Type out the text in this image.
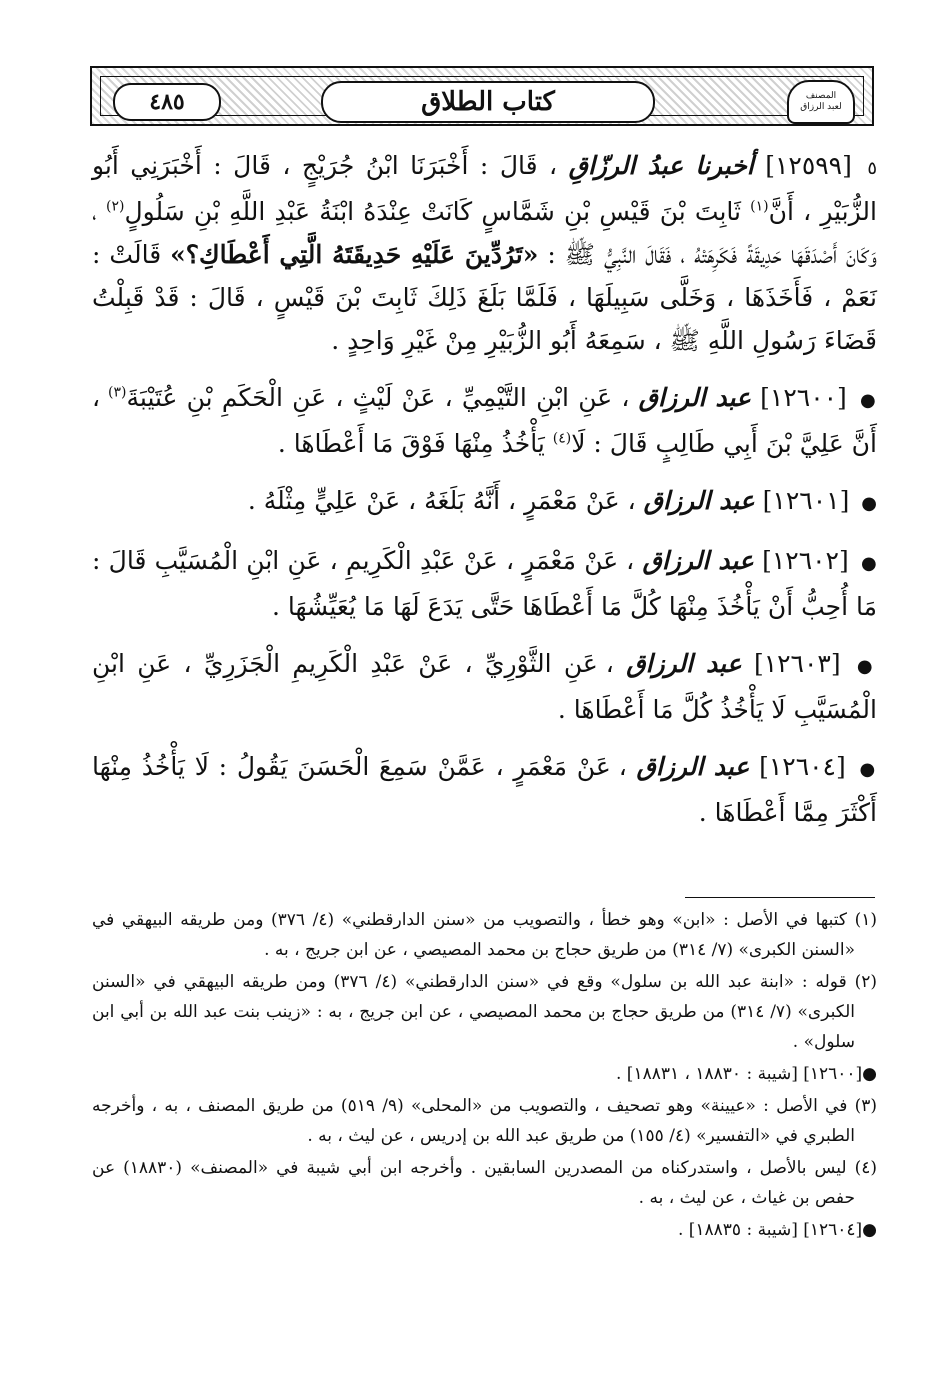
٤٨٥	كتاب الطلاق	المصنف
لعبد الرزاق

٥ [١٢٥٩٩] أخبرنا عبدُ الرزّاقِ ، قَالَ : أَخْبَرَنَا ابْنُ جُرَيْجٍ ، قَالَ : أَخْبَرَنِي أَبُو الزُّبَيْرِ ، أَنَّ$^{(١)}$ ثَابِتَ بْنَ قَيْسِ بْنِ شَمَّاسٍ كَانَتْ عِنْدَهُ ابْنَةُ عَبْدِ اللَّهِ بْنِ سَلُولٍ$^{(٢)}$ ، وَكَانَ أَصْدَقَهَا حَدِيقَةً فَكَرِهَتْهُ ، فَقَالَ النَّبِيُّ ﷺ : «تَرُدِّينَ عَلَيْهِ حَدِيقَتَهُ الَّتِي أَعْطَاكِ؟» قَالَتْ : نَعَمْ ، فَأَخَذَهَا ، وَخَلَّى سَبِيلَهَا ، فَلَمَّا بَلَغَ ذَلِكَ ثَابِتَ بْنَ قَيْسٍ ، قَالَ : قَدْ قَبِلْتُ قَضَاءَ رَسُولِ اللَّهِ ﷺ ، سَمِعَهُ أَبُو الزُّبَيْرِ مِنْ غَيْرِ وَاحِدٍ .

● [١٢٦٠٠] عبد الرزاق ، عَنِ ابْنِ التَّيْمِيِّ ، عَنْ لَيْثٍ ، عَنِ الْحَكَمِ بْنِ عُتَيْبَةَ$^{(٣)}$ ، أَنَّ عَلِيَّ بْنَ أَبِي طَالِبٍ قَالَ : لَا$^{(٤)}$ يَأْخُذُ مِنْهَا فَوْقَ مَا أَعْطَاهَا .

● [١٢٦٠١] عبد الرزاق ، عَنْ مَعْمَرٍ ، أَنَّهُ بَلَغَهُ ، عَنْ عَلِيٍّ مِثْلَهُ .

● [١٢٦٠٢] عبد الرزاق ، عَنْ مَعْمَرٍ ، عَنْ عَبْدِ الْكَرِيمِ ، عَنِ ابْنِ الْمُسَيَّبِ قَالَ : مَا أُحِبُّ أَنْ يَأْخُذَ مِنْهَا كُلَّ مَا أَعْطَاهَا حَتَّى يَدَعَ لَهَا مَا يُعَيِّشُهَا .

● [١٢٦٠٣] عبد الرزاق ، عَنِ الثَّوْرِيِّ ، عَنْ عَبْدِ الْكَرِيمِ الْجَزَرِيِّ ، عَنِ ابْنِ الْمُسَيَّبِ لَا يَأْخُذُ كُلَّ مَا أَعْطَاهَا .

● [١٢٦٠٤] عبد الرزاق ، عَنْ مَعْمَرٍ ، عَمَّنْ سَمِعَ الْحَسَنَ يَقُولُ : لَا يَأْخُذُ مِنْهَا أَكْثَرَ مِمَّا أَعْطَاهَا .

(١) كتبها في الأصل : «ابن» وهو خطأ ، والتصويب من «سنن الدارقطني» (٤/ ٣٧٦) ومن طريقه البيهقي في «السنن الكبرى» (٧/ ٣١٤) من طريق حجاج بن محمد المصيصي ، عن ابن جريج ، به .

(٢) قوله : «ابنة عبد الله بن سلول» وقع في «سنن الدارقطني» (٤/ ٣٧٦) ومن طريقه البيهقي في «السنن الكبرى» (٧/ ٣١٤) من طريق حجاج بن محمد المصيصي ، عن ابن جريج ، به : «زينب بنت عبد الله بن أبي ابن سلول» .

●[١٢٦٠٠] [شيبة : ١٨٨٣٠ ، ١٨٨٣١] .

(٣) في الأصل : «عيينة» وهو تصحيف ، والتصويب من «المحلى» (٩/ ٥١٩) من طريق المصنف ، به ، وأخرجه الطبري في «التفسير» (٤/ ١٥٥) من طريق عبد الله بن إدريس ، عن ليث ، به .

(٤) ليس بالأصل ، واستدركناه من المصدرين السابقين . وأخرجه ابن أبي شيبة في «المصنف» (١٨٨٣٠) عن حفص بن غياث ، عن ليث ، به .

●[١٢٦٠٤] [شيبة : ١٨٨٣٥] .
